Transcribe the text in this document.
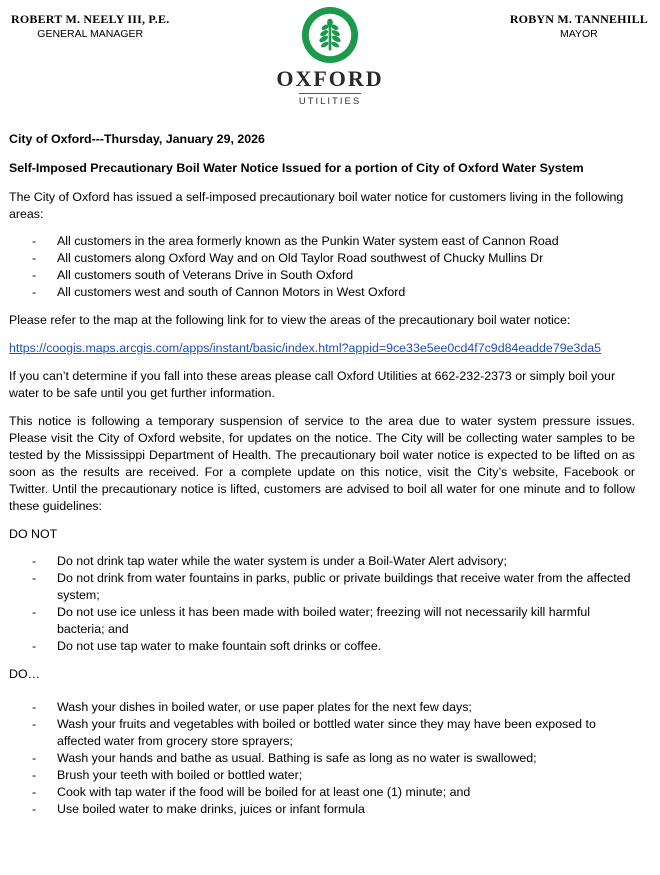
ROBERT M. NEELY III, P.E.
GENERAL MANAGER
OXFORD
UTILITIES
ROBYN M. TANNEHILL
MAYOR

City of Oxford---Thursday, January 29, 2026

Self-Imposed Precautionary Boil Water Notice Issued for a portion of City of Oxford Water System

The City of Oxford has issued a self-imposed precautionary boil water notice for customers living in the following areas:

- All customers in the area formerly known as the Punkin Water system east of Cannon Road
- All customers along Oxford Way and on Old Taylor Road southwest of Chucky Mullins Dr
- All customers south of Veterans Drive in South Oxford
- All customers west and south of Cannon Motors in West Oxford

Please refer to the map at the following link for to view the areas of the precautionary boil water notice:

https://coogis.maps.arcgis.com/apps/instant/basic/index.html?appid=9ce33e5ee0cd4f7c9d84eadde79e3da5

If you can’t determine if you fall into these areas please call Oxford Utilities at 662-232-2373 or simply boil your water to be safe until you get further information.

This notice is following a temporary suspension of service to the area due to water system pressure issues. Please visit the City of Oxford website, for updates on the notice. The City will be collecting water samples to be tested by the Mississippi Department of Health. The precautionary boil water notice is expected to be lifted on as soon as the results are received. For a complete update on this notice, visit the City’s website, Facebook or Twitter. Until the precautionary notice is lifted, customers are advised to boil all water for one minute and to follow these guidelines:

DO NOT

- Do not drink tap water while the water system is under a Boil-Water Alert advisory;
- Do not drink from water fountains in parks, public or private buildings that receive water from the affected system;
- Do not use ice unless it has been made with boiled water; freezing will not necessarily kill harmful bacteria; and
- Do not use tap water to make fountain soft drinks or coffee.

DO…

- Wash your dishes in boiled water, or use paper plates for the next few days;
- Wash your fruits and vegetables with boiled or bottled water since they may have been exposed to affected water from grocery store sprayers;
- Wash your hands and bathe as usual. Bathing is safe as long as no water is swallowed;
- Brush your teeth with boiled or bottled water;
- Cook with tap water if the food will be boiled for at least one (1) minute; and
- Use boiled water to make drinks, juices or infant formula
